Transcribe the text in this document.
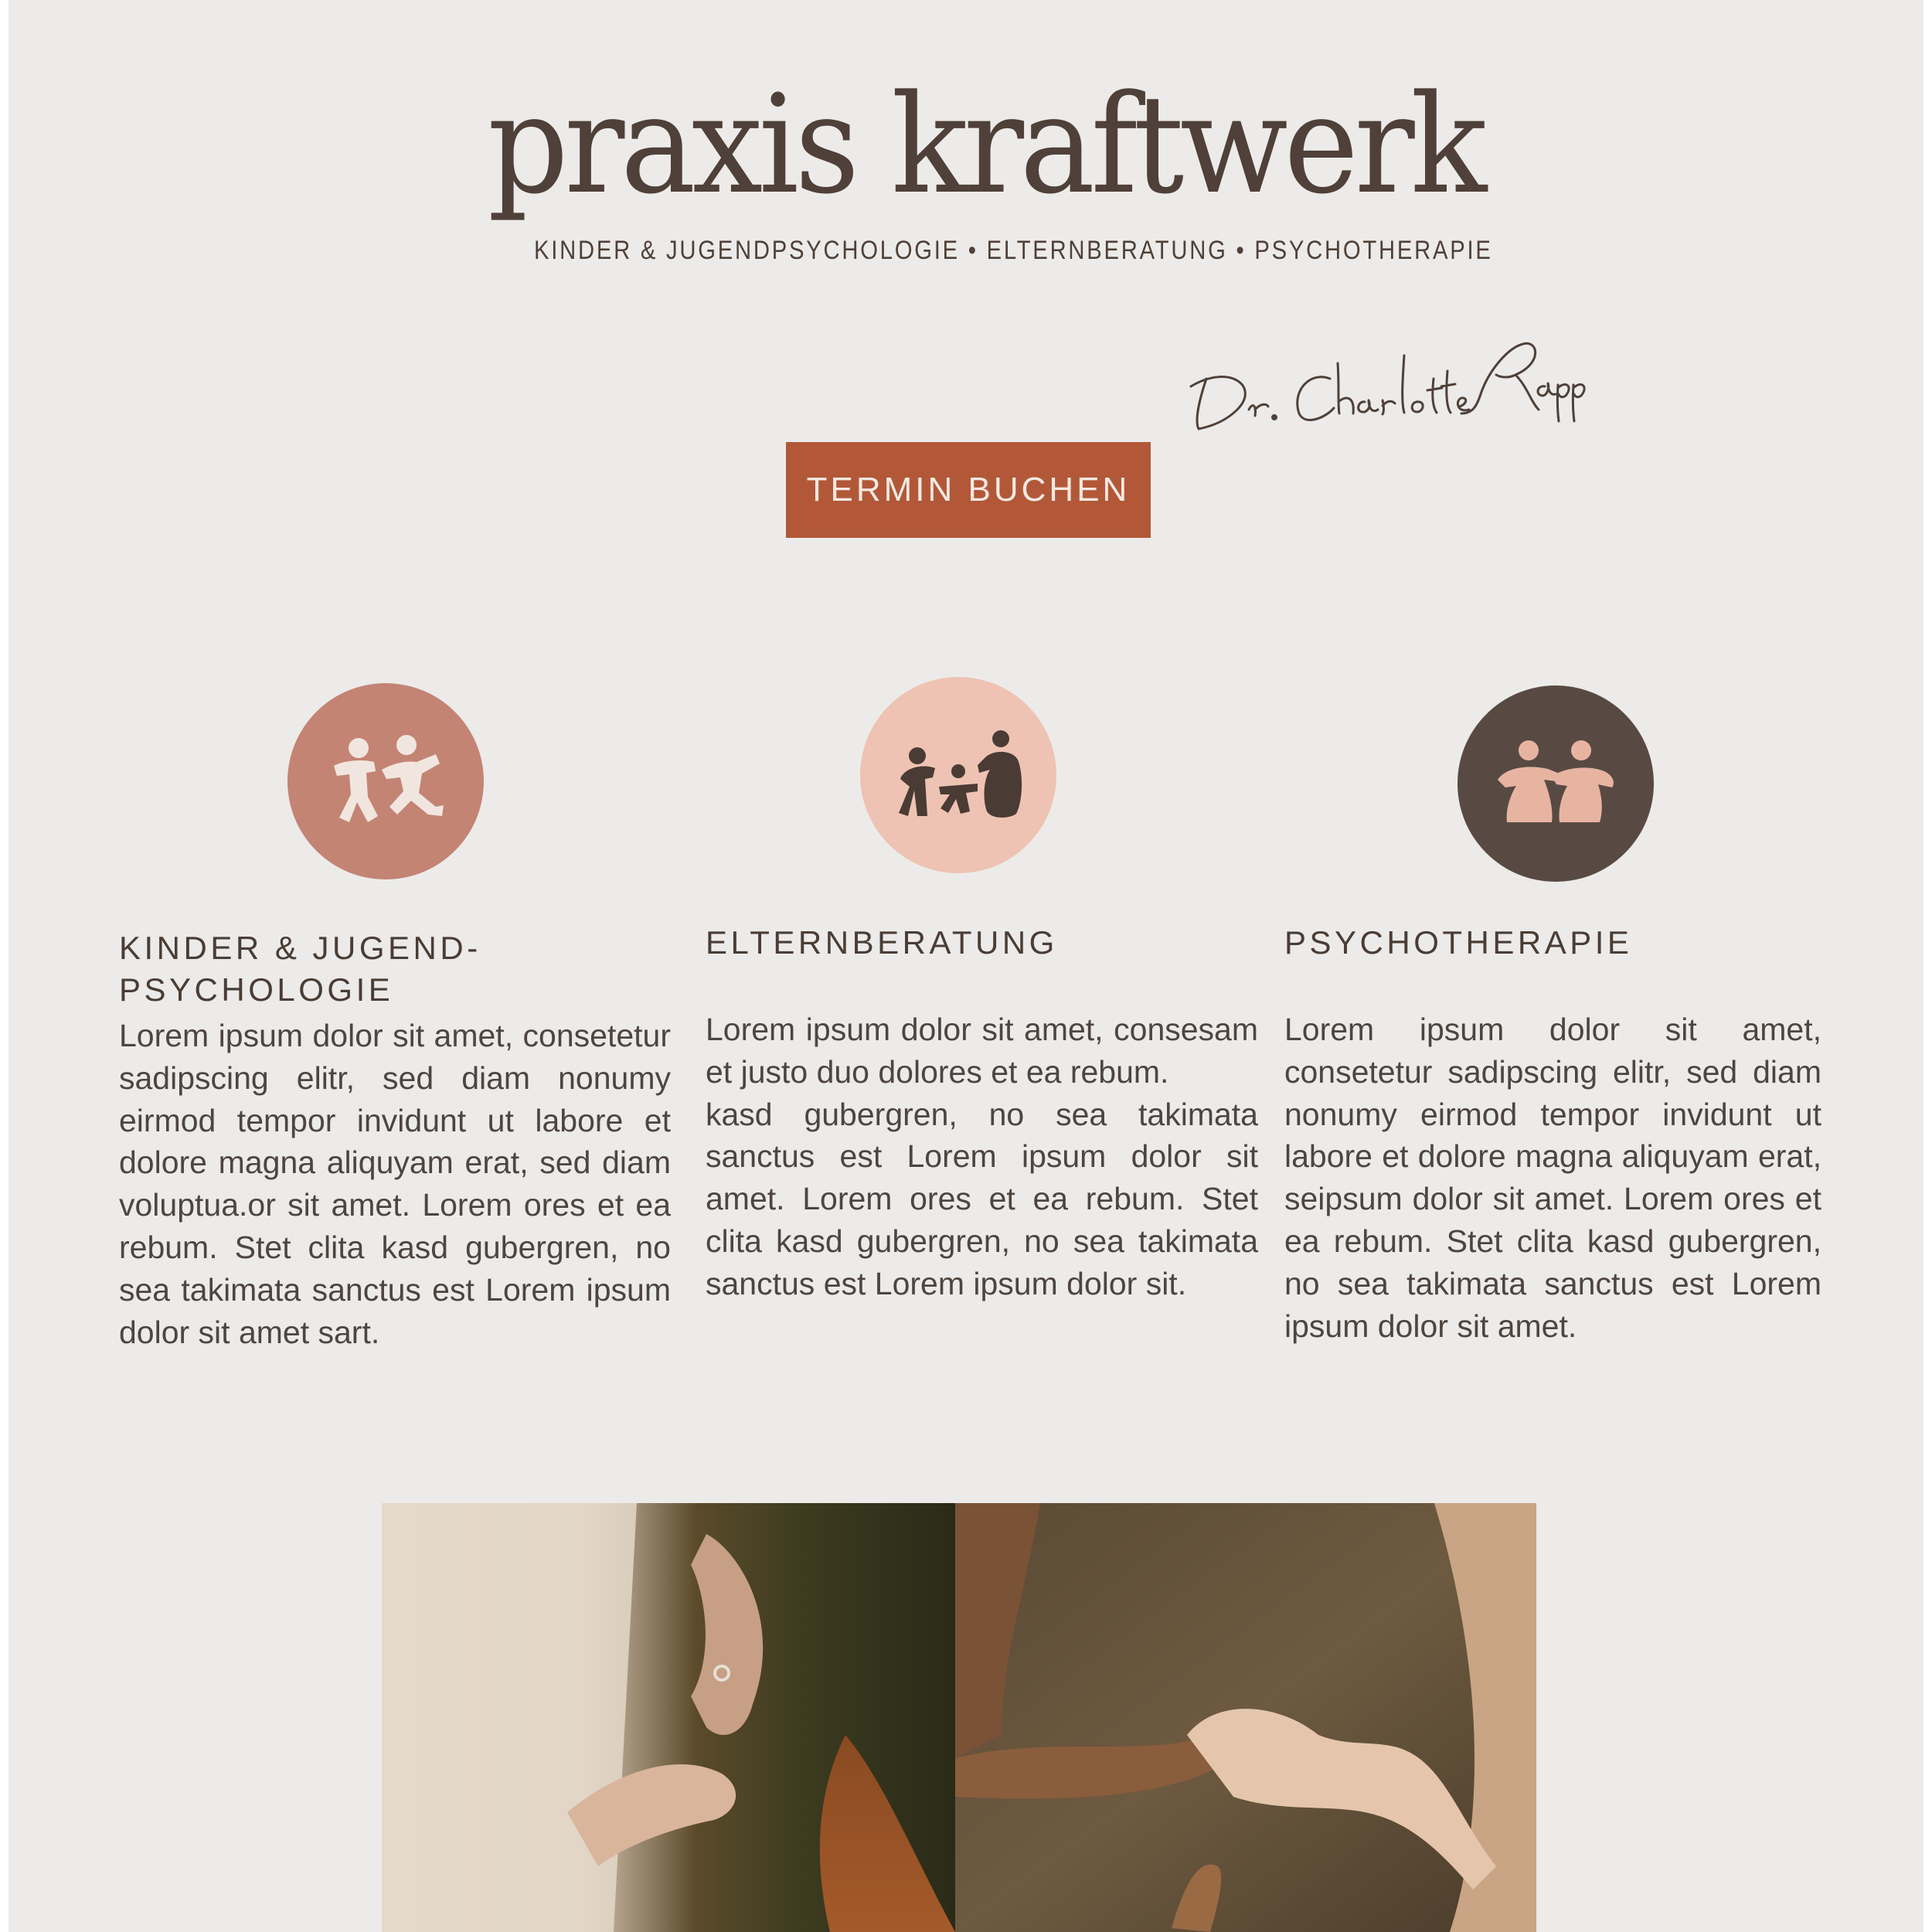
praxis kraftwerk

KINDER & JUGENDPSYCHOLOGIE • ELTERNBERATUNG • PSYCHOTHERAPIE
TERMIN BUCHEN
KINDER & JUGEND-
PSYCHOLOGIE

Lorem ipsum dolor sit amet, consetetur sadipscing elitr, sed diam nonumy eirmod tempor invidunt ut labore et dolore magna aliquyam erat, sed diam voluptua.or sit amet. Lorem ores et ea rebum. Stet clita kasd gubergren, no sea takimata sanctus est Lorem ipsum dolor sit amet sart.

ELTERNBERATUNG

Lorem ipsum dolor sit amet, consesam et justo duo dolores et ea rebum.
kasd gubergren, no sea takimata sanctus est Lorem ipsum dolor sit amet. Lorem ores et ea rebum. Stet clita kasd gubergren, no sea takimata sanctus est Lorem ipsum dolor sit.

PSYCHOTHERAPIE

Lorem ipsum dolor sit amet, consetetur sadipscing elitr, sed diam nonumy eirmod tempor invidunt ut labore et dolore magna aliquyam erat, seipsum dolor sit amet. Lorem ores et ea rebum. Stet clita kasd gubergren, no sea takimata sanctus est Lorem ipsum dolor sit amet.
